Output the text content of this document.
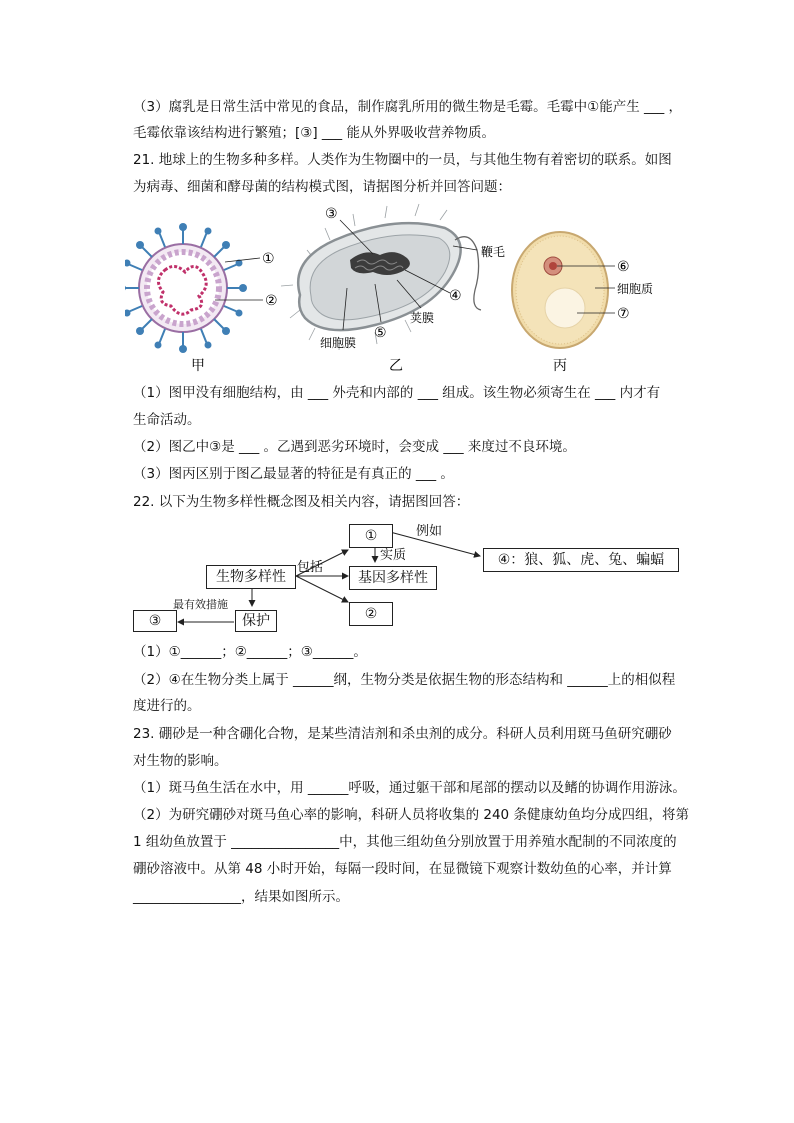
（3）腐乳是日常生活中常见的食品，制作腐乳所用的微生物是毛霉。毛霉中①能产生 ___ ，
毛霉依靠该结构进行繁殖；[③] ___ 能从外界吸收营养物质。
21. 地球上的生物多种多样。人类作为生物圈中的一员，与其他生物有着密切的联系。如图
为病毒、细菌和酵母菌的结构模式图，请据图分析并回答问题：
①
②
甲
③
鞭毛
④
荚膜
⑤
细胞膜
乙
⑥
细胞质
⑦
丙
（1）图甲没有细胞结构，由 ___ 外壳和内部的 ___ 组成。该生物必须寄生在 ___ 内才有
生命活动。
（2）图乙中③是 ___ 。乙遇到恶劣环境时，会变成 ___ 来度过不良环境。
（3）图丙区别于图乙最显著的特征是有真正的 ___ 。
22. 以下为生物多样性概念图及相关内容，请据图回答：
①
生物多样性	基因多样性
②
④：狼、狐、虎、兔、蝙蝠
保护
③
包括
实质
例如
最有效措施
（1）①______；②______；③______。
（2）④在生物分类上属于 ______纲，生物分类是依据生物的形态结构和 ______上的相似程
度进行的。
23. 硼砂是一种含硼化合物，是某些清洁剂和杀虫剂的成分。科研人员利用斑马鱼研究硼砂
对生物的影响。
（1）斑马鱼生活在水中，用 ______呼吸，通过躯干部和尾部的摆动以及鳍的协调作用游泳。
（2）为研究硼砂对斑马鱼心率的影响，科研人员将收集的 240 条健康幼鱼均分成四组，将第
1 组幼鱼放置于 ________________中，其他三组幼鱼分别放置于用养殖水配制的不同浓度的
硼砂溶液中。从第 48 小时开始，每隔一段时间，在显微镜下观察计数幼鱼的心率，并计算
________________，结果如图所示。
